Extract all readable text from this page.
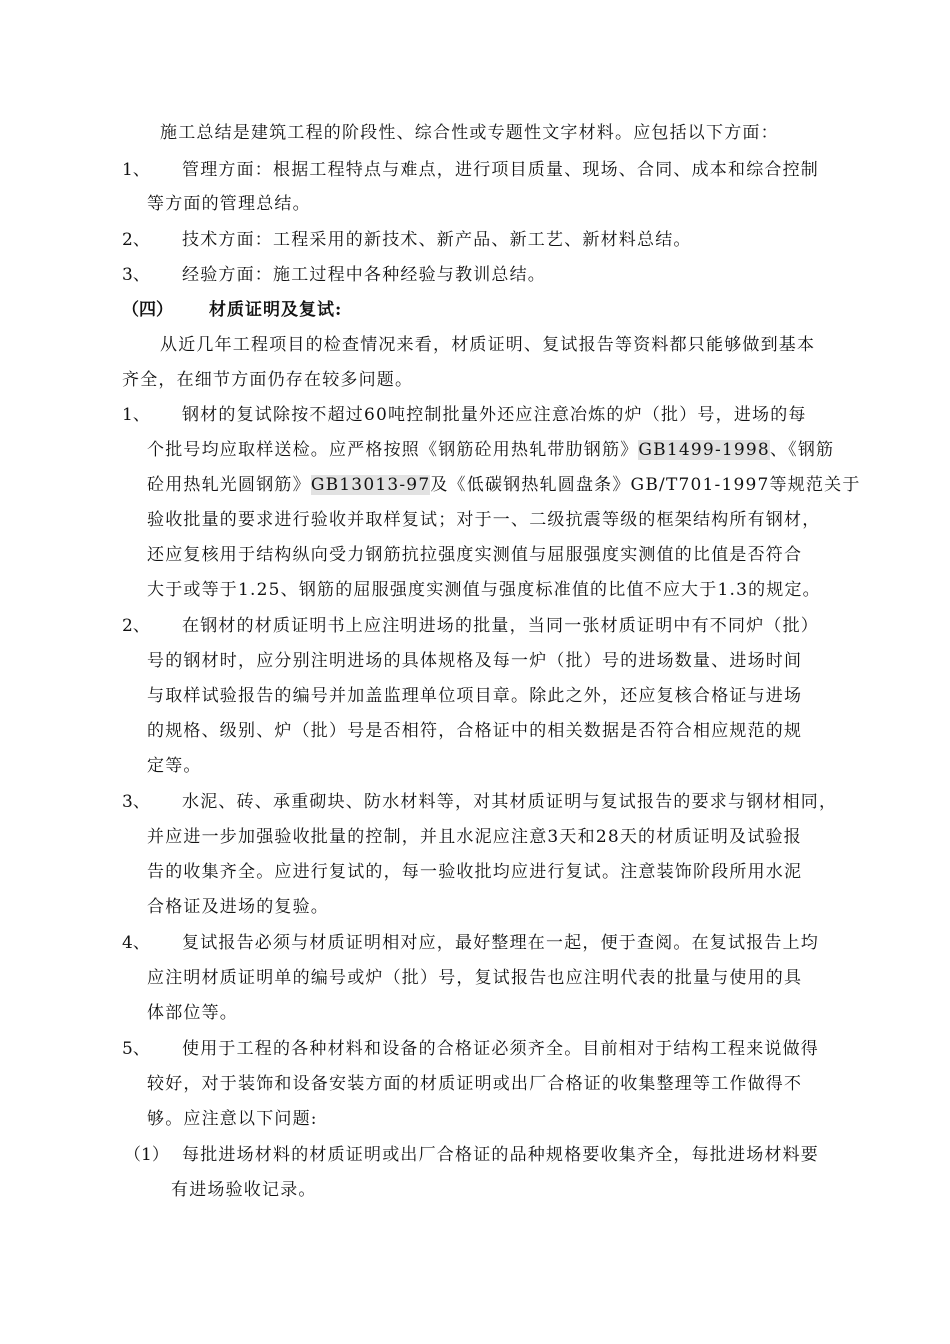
施工总结是建筑工程的阶段性、综合性或专题性文字材料。应包括以下方面：
1、 管理方面：根据工程特点与难点，进行项目质量、现场、合同、成本和综合控制
等方面的管理总结。
2、 技术方面：工程采用的新技术、新产品、新工艺、新材料总结。
3、 经验方面：施工过程中各种经验与教训总结。
（四） 材质证明及复试:
从近几年工程项目的检查情况来看，材质证明、复试报告等资料都只能够做到基本
齐全，在细节方面仍存在较多问题。
1、 钢材的复试除按不超过60吨控制批量外还应注意冶炼的炉（批）号，进场的每
个批号均应取样送检。应严格按照《钢筋砼用热轧带肋钢筋》GB1499-1998、《钢筋
砼用热轧光圆钢筋》GB13013-97及《低碳钢热轧圆盘条》GB/T701-1997等规范关于
验收批量的要求进行验收并取样复试；对于一、二级抗震等级的框架结构所有钢材，
还应复核用于结构纵向受力钢筋抗拉强度实测值与屈服强度实测值的比值是否符合
大于或等于1.25、钢筋的屈服强度实测值与强度标准值的比值不应大于1.3的规定。
2、 在钢材的材质证明书上应注明进场的批量，当同一张材质证明中有不同炉（批）
号的钢材时，应分别注明进场的具体规格及每一炉（批）号的进场数量、进场时间
与取样试验报告的编号并加盖监理单位项目章。除此之外，还应复核合格证与进场
的规格、级别、炉（批）号是否相符，合格证中的相关数据是否符合相应规范的规
定等。
3、 水泥、砖、承重砌块、防水材料等，对其材质证明与复试报告的要求与钢材相同，
并应进一步加强验收批量的控制，并且水泥应注意3天和28天的材质证明及试验报
告的收集齐全。应进行复试的，每一验收批均应进行复试。注意装饰阶段所用水泥
合格证及进场的复验。
4、 复试报告必须与材质证明相对应，最好整理在一起，便于查阅。在复试报告上均
应注明材质证明单的编号或炉（批）号，复试报告也应注明代表的批量与使用的具
体部位等。
5、 使用于工程的各种材料和设备的合格证必须齐全。目前相对于结构工程来说做得
较好，对于装饰和设备安装方面的材质证明或出厂合格证的收集整理等工作做得不
够。应注意以下问题:
（1） 每批进场材料的材质证明或出厂合格证的品种规格要收集齐全，每批进场材料要
有进场验收记录。
